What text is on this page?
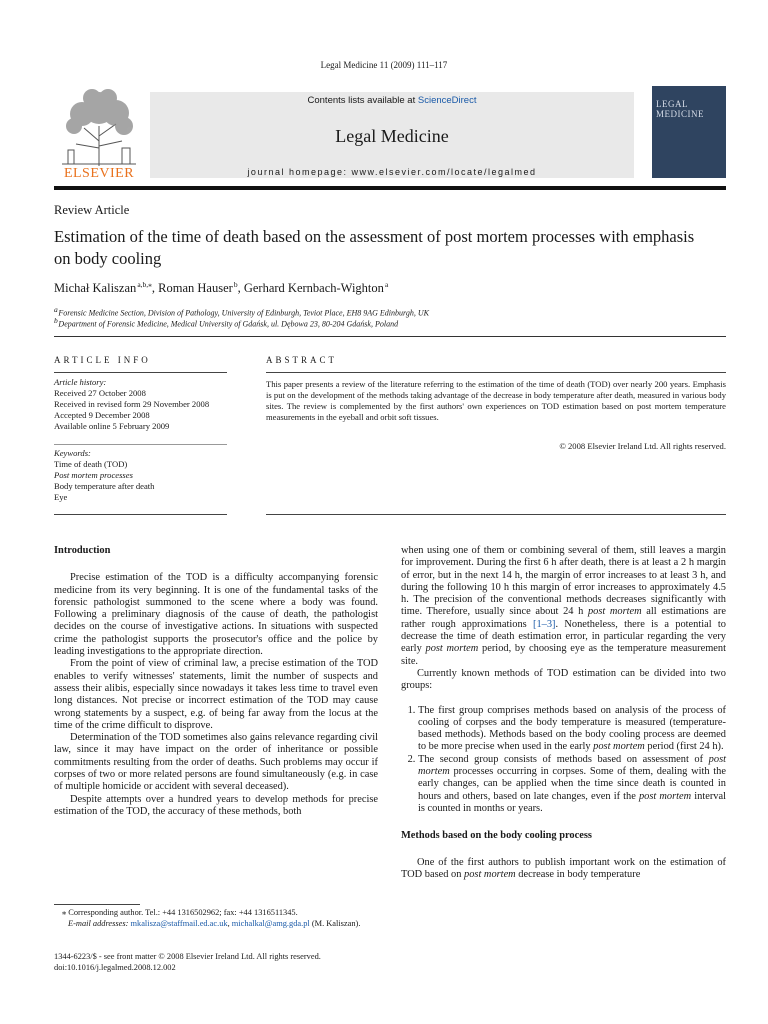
Legal Medicine 11 (2009) 111–117
ELSEVIER
Contents lists available at ScienceDirect
Legal Medicine
journal homepage: www.elsevier.com/locate/legalmed
LEGAL
MEDICINE
Review Article
Estimation of the time of death based on the assessment of post mortem processes with emphasis on body cooling
Michał Kaliszan $^{a,b,⁎}$, Roman Hauser $^b$, Gerhard Kernbach-Wighton $^a$
$^a$ Forensic Medicine Section, Division of Pathology, University of Edinburgh, Teviot Place, EH8 9AG Edinburgh, UK
$^b$ Department of Forensic Medicine, Medical University of Gdańsk, ul. Dębowa 23, 80-204 Gdańsk, Poland
ARTICLE INFO
Article history:
Received 27 October 2008
Received in revised form 29 November 2008
Accepted 9 December 2008
Available online 5 February 2009
Keywords:
Time of death (TOD)
Post mortem processes
Body temperature after death
Eye
ABSTRACT
This paper presents a review of the literature referring to the estimation of the time of death (TOD) over nearly 200 years. Emphasis is put on the development of the methods taking advantage of the decrease in body temperature after death, measured in various body sites. The review is complemented by the first authors' own experiences on TOD estimation based on post mortem temperature measurements in the eyeball and orbit soft tissues.
© 2008 Elsevier Ireland Ltd. All rights reserved.
Introduction

Precise estimation of the TOD is a difficulty accompanying forensic medicine from its very beginning. It is one of the fundamental tasks of the forensic pathologist summoned to the scene where a body was found. Following a preliminary diagnosis of the cause of death, the pathologist decides on the course of investigative actions. In situations with suspected crime the pathologist supports the prosecutor's office and the police by leading investigations to the appropriate direction.

From the point of view of criminal law, a precise estimation of the TOD enables to verify witnesses' statements, limit the number of suspects and assess their alibis, especially since nowadays it takes less time to travel even long distances. Not precise or incorrect estimation of the TOD may cause wrong statements by a suspect, e.g. of being far away from the locus at the time of the crime difficult to disprove.

Determination of the TOD sometimes also gains relevance regarding civil law, since it may have impact on the order of inheritance or possible commitments resulting from the order of deaths. Such problems may occur if corpses of two or more related persons are found simultaneously (e.g. in case of multiple homicide or accident with several deceased).

Despite attempts over a hundred years to develop methods for precise estimation of the TOD, the accuracy of these methods, both

⁎ Corresponding author. Tel.: +44 1316502962; fax: +44 1316511345.
E-mail addresses: mkalisza@staffmail.ed.ac.uk, michalkal@amg.gda.pl (M. Kaliszan).
1344-6223/$ - see front matter © 2008 Elsevier Ireland Ltd. All rights reserved.
doi:10.1016/j.legalmed.2008.12.002

when using one of them or combining several of them, still leaves a margin for improvement. During the first 6 h after death, there is at least a 2 h margin of error, but in the next 14 h, the margin of error increases to at least 3 h, and during the following 10 h this margin of error increases to approximately 4.5 h. The precision of the conventional methods decreases significantly with time. Therefore, usually since about 24 h post mortem all estimations are rather rough approximations [1–3]. Nonetheless, there is a potential to decrease the time of death estimation error, in particular regarding the very early post mortem period, by choosing eye as the temperature measurement site.

Currently known methods of TOD estimation can be divided into two groups:

1. The first group comprises methods based on analysis of the process of cooling of corpses and the body temperature is measured (temperature-based methods). Methods based on the body cooling process are deemed to be more precise when used in the early post mortem period (first 24 h).
2. The second group consists of methods based on assessment of post mortem processes occurring in corpses. Some of them, dealing with the early changes, can be applied when the time since death is counted in hours and others, based on late changes, even if the post mortem interval is counted in months or years.
Methods based on the body cooling process

One of the first authors to publish important work on the estimation of TOD based on post mortem decrease in body temperature
